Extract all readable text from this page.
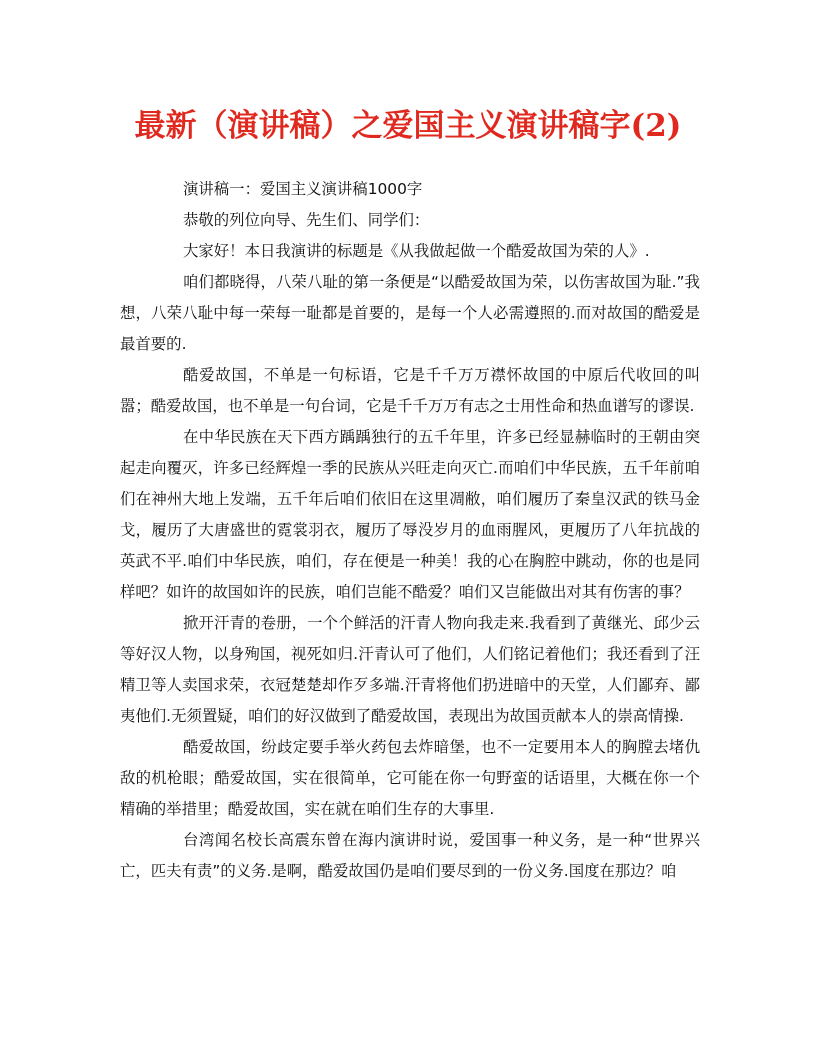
最新（演讲稿）之爱国主义演讲稿字(2)

演讲稿一：爱国主义演讲稿1000字

恭敬的列位向导、先生们、同学们：

大家好！本日我演讲的标题是《从我做起做一个酷爱故国为荣的人》.

咱们都晓得，八荣八耻的第一条便是“以酷爱故国为荣，以伤害故国为耻.”我想，八荣八耻中每一荣每一耻都是首要的，是每一个人必需遵照的.而对故国的酷爱是最首要的.

酷爱故国，不单是一句标语，它是千千万万襟怀故国的中原后代收回的叫嚣；酷爱故国，也不单是一句台词，它是千千万万有志之士用性命和热血谱写的谬误.

在中华民族在天下西方踽踽独行的五千年里，许多已经显赫临时的王朝由突起走向覆灭，许多已经辉煌一季的民族从兴旺走向灭亡.而咱们中华民族，五千年前咱们在神州大地上发端，五千年后咱们依旧在这里凋敝，咱们履历了秦皇汉武的铁马金戈，履历了大唐盛世的霓裳羽衣，履历了辱没岁月的血雨腥风，更履历了八年抗战的英武不平.咱们中华民族，咱们，存在便是一种美！我的心在胸腔中跳动，你的也是同样吧？如许的故国如许的民族，咱们岂能不酷爱？咱们又岂能做出对其有伤害的事？

掀开汗青的卷册，一个个鲜活的汗青人物向我走来.我看到了黄继光、邱少云等好汉人物，以身殉国，视死如归.汗青认可了他们，人们铭记着他们；我还看到了汪精卫等人卖国求荣，衣冠楚楚却作歹多端.汗青将他们扔进暗中的天堂，人们鄙弃、鄙夷他们.无须置疑，咱们的好汉做到了酷爱故国，表现出为故国贡献本人的崇高情操.

酷爱故国，纷歧定要手举火药包去炸暗堡，也不一定要用本人的胸膛去堵仇敌的机枪眼；酷爱故国，实在很简单，它可能在你一句野蛮的话语里，大概在你一个精确的举措里；酷爱故国，实在就在咱们生存的大事里.

台湾闻名校长高震东曾在海内演讲时说，爱国事一种义务，是一种“世界兴亡，匹夫有责”的义务.是啊，酷爱故国仍是咱们要尽到的一份义务.国度在那边？咱
